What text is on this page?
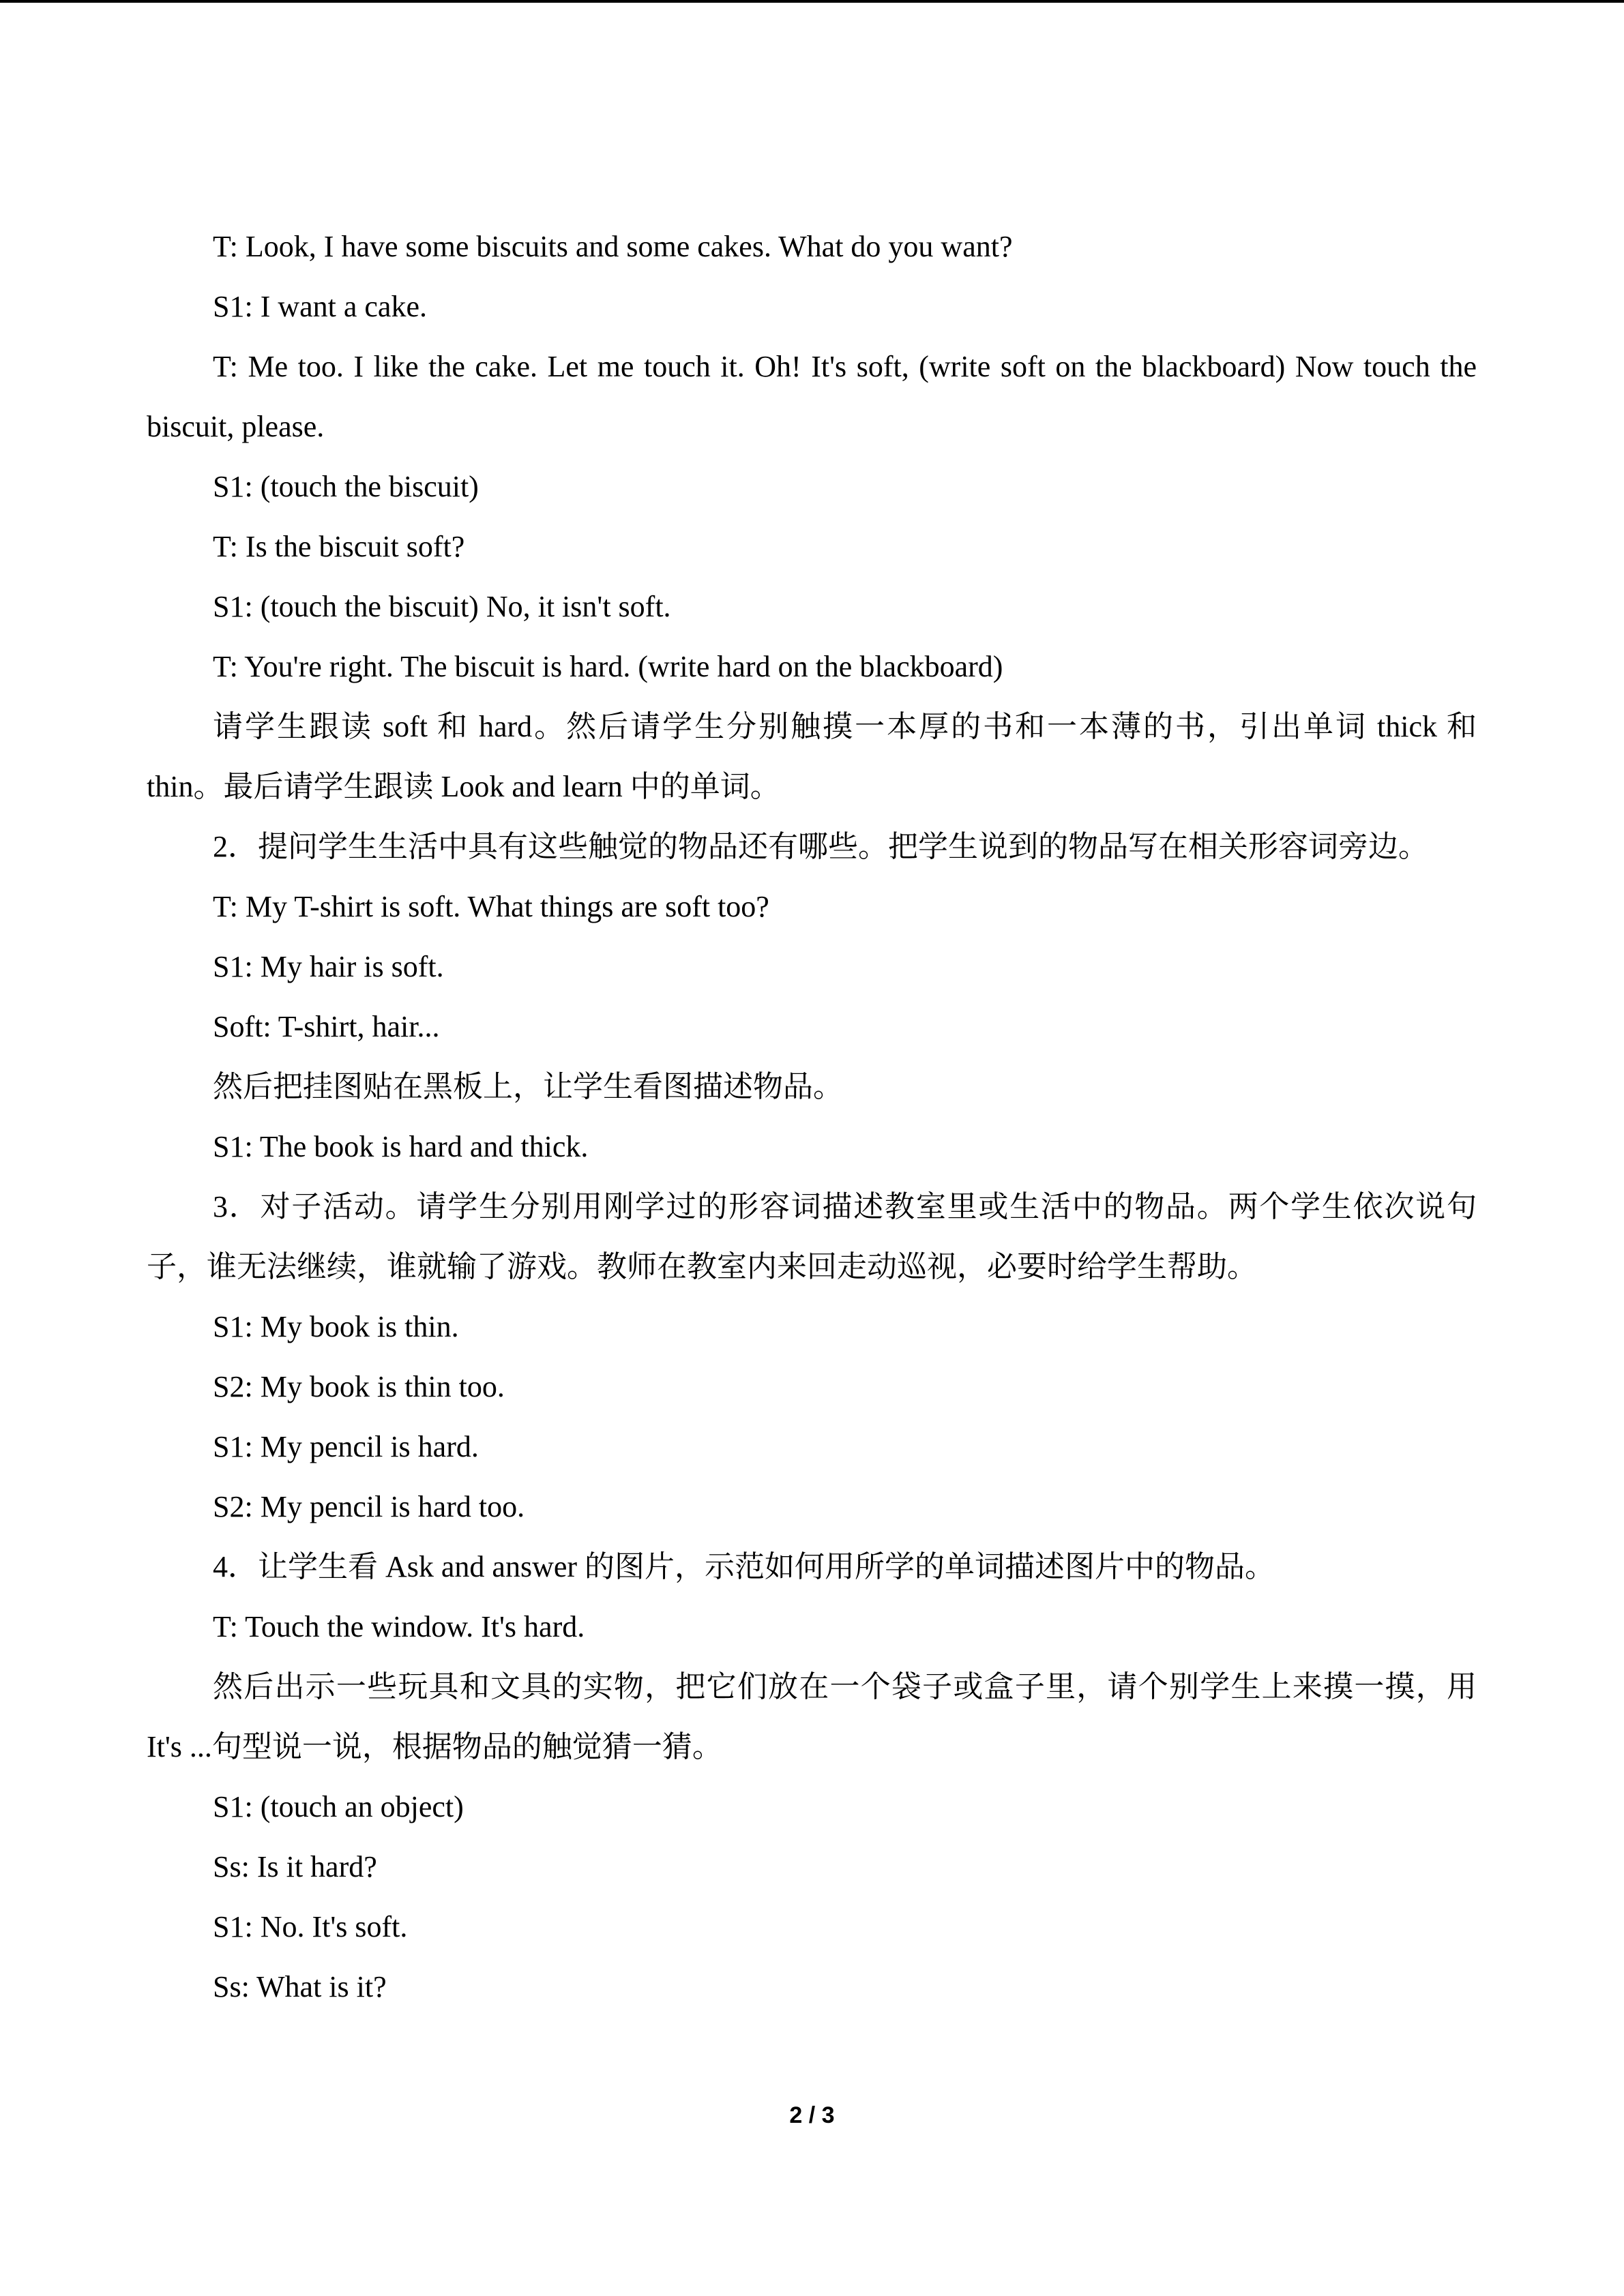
T: Look, I have some biscuits and some cakes. What do you want?

S1: I want a cake.

T: Me too. I like the cake. Let me touch it. Oh! It's soft, (write soft on the blackboard) Now touch the biscuit, please.

S1: (touch the biscuit)

T: Is the biscuit soft?

S1: (touch the biscuit) No, it isn't soft.

T: You're right. The biscuit is hard. (write hard on the blackboard)

请学生跟读 soft 和 hard。然后请学生分别触摸一本厚的书和一本薄的书，引出单词 thick 和 thin。最后请学生跟读 Look and learn 中的单词。

2．提问学生生活中具有这些触觉的物品还有哪些。把学生说到的物品写在相关形容词旁边。

T: My T-shirt is soft. What things are soft too?

S1: My hair is soft.

Soft: T-shirt, hair...

然后把挂图贴在黑板上，让学生看图描述物品。

S1: The book is hard and thick.

3．对子活动。请学生分别用刚学过的形容词描述教室里或生活中的物品。两个学生依次说句子，谁无法继续，谁就输了游戏。教师在教室内来回走动巡视，必要时给学生帮助。

S1: My book is thin.

S2: My book is thin too.

S1: My pencil is hard.

S2: My pencil is hard too.

4．让学生看 Ask and answer 的图片，示范如何用所学的单词描述图片中的物品。

T: Touch the window. It's hard.

然后出示一些玩具和文具的实物，把它们放在一个袋子或盒子里，请个别学生上来摸一摸，用 It's ...句型说一说，根据物品的触觉猜一猜。

S1: (touch an object)

Ss: Is it hard?

S1: No. It's soft.

Ss: What is it?

2 / 3
